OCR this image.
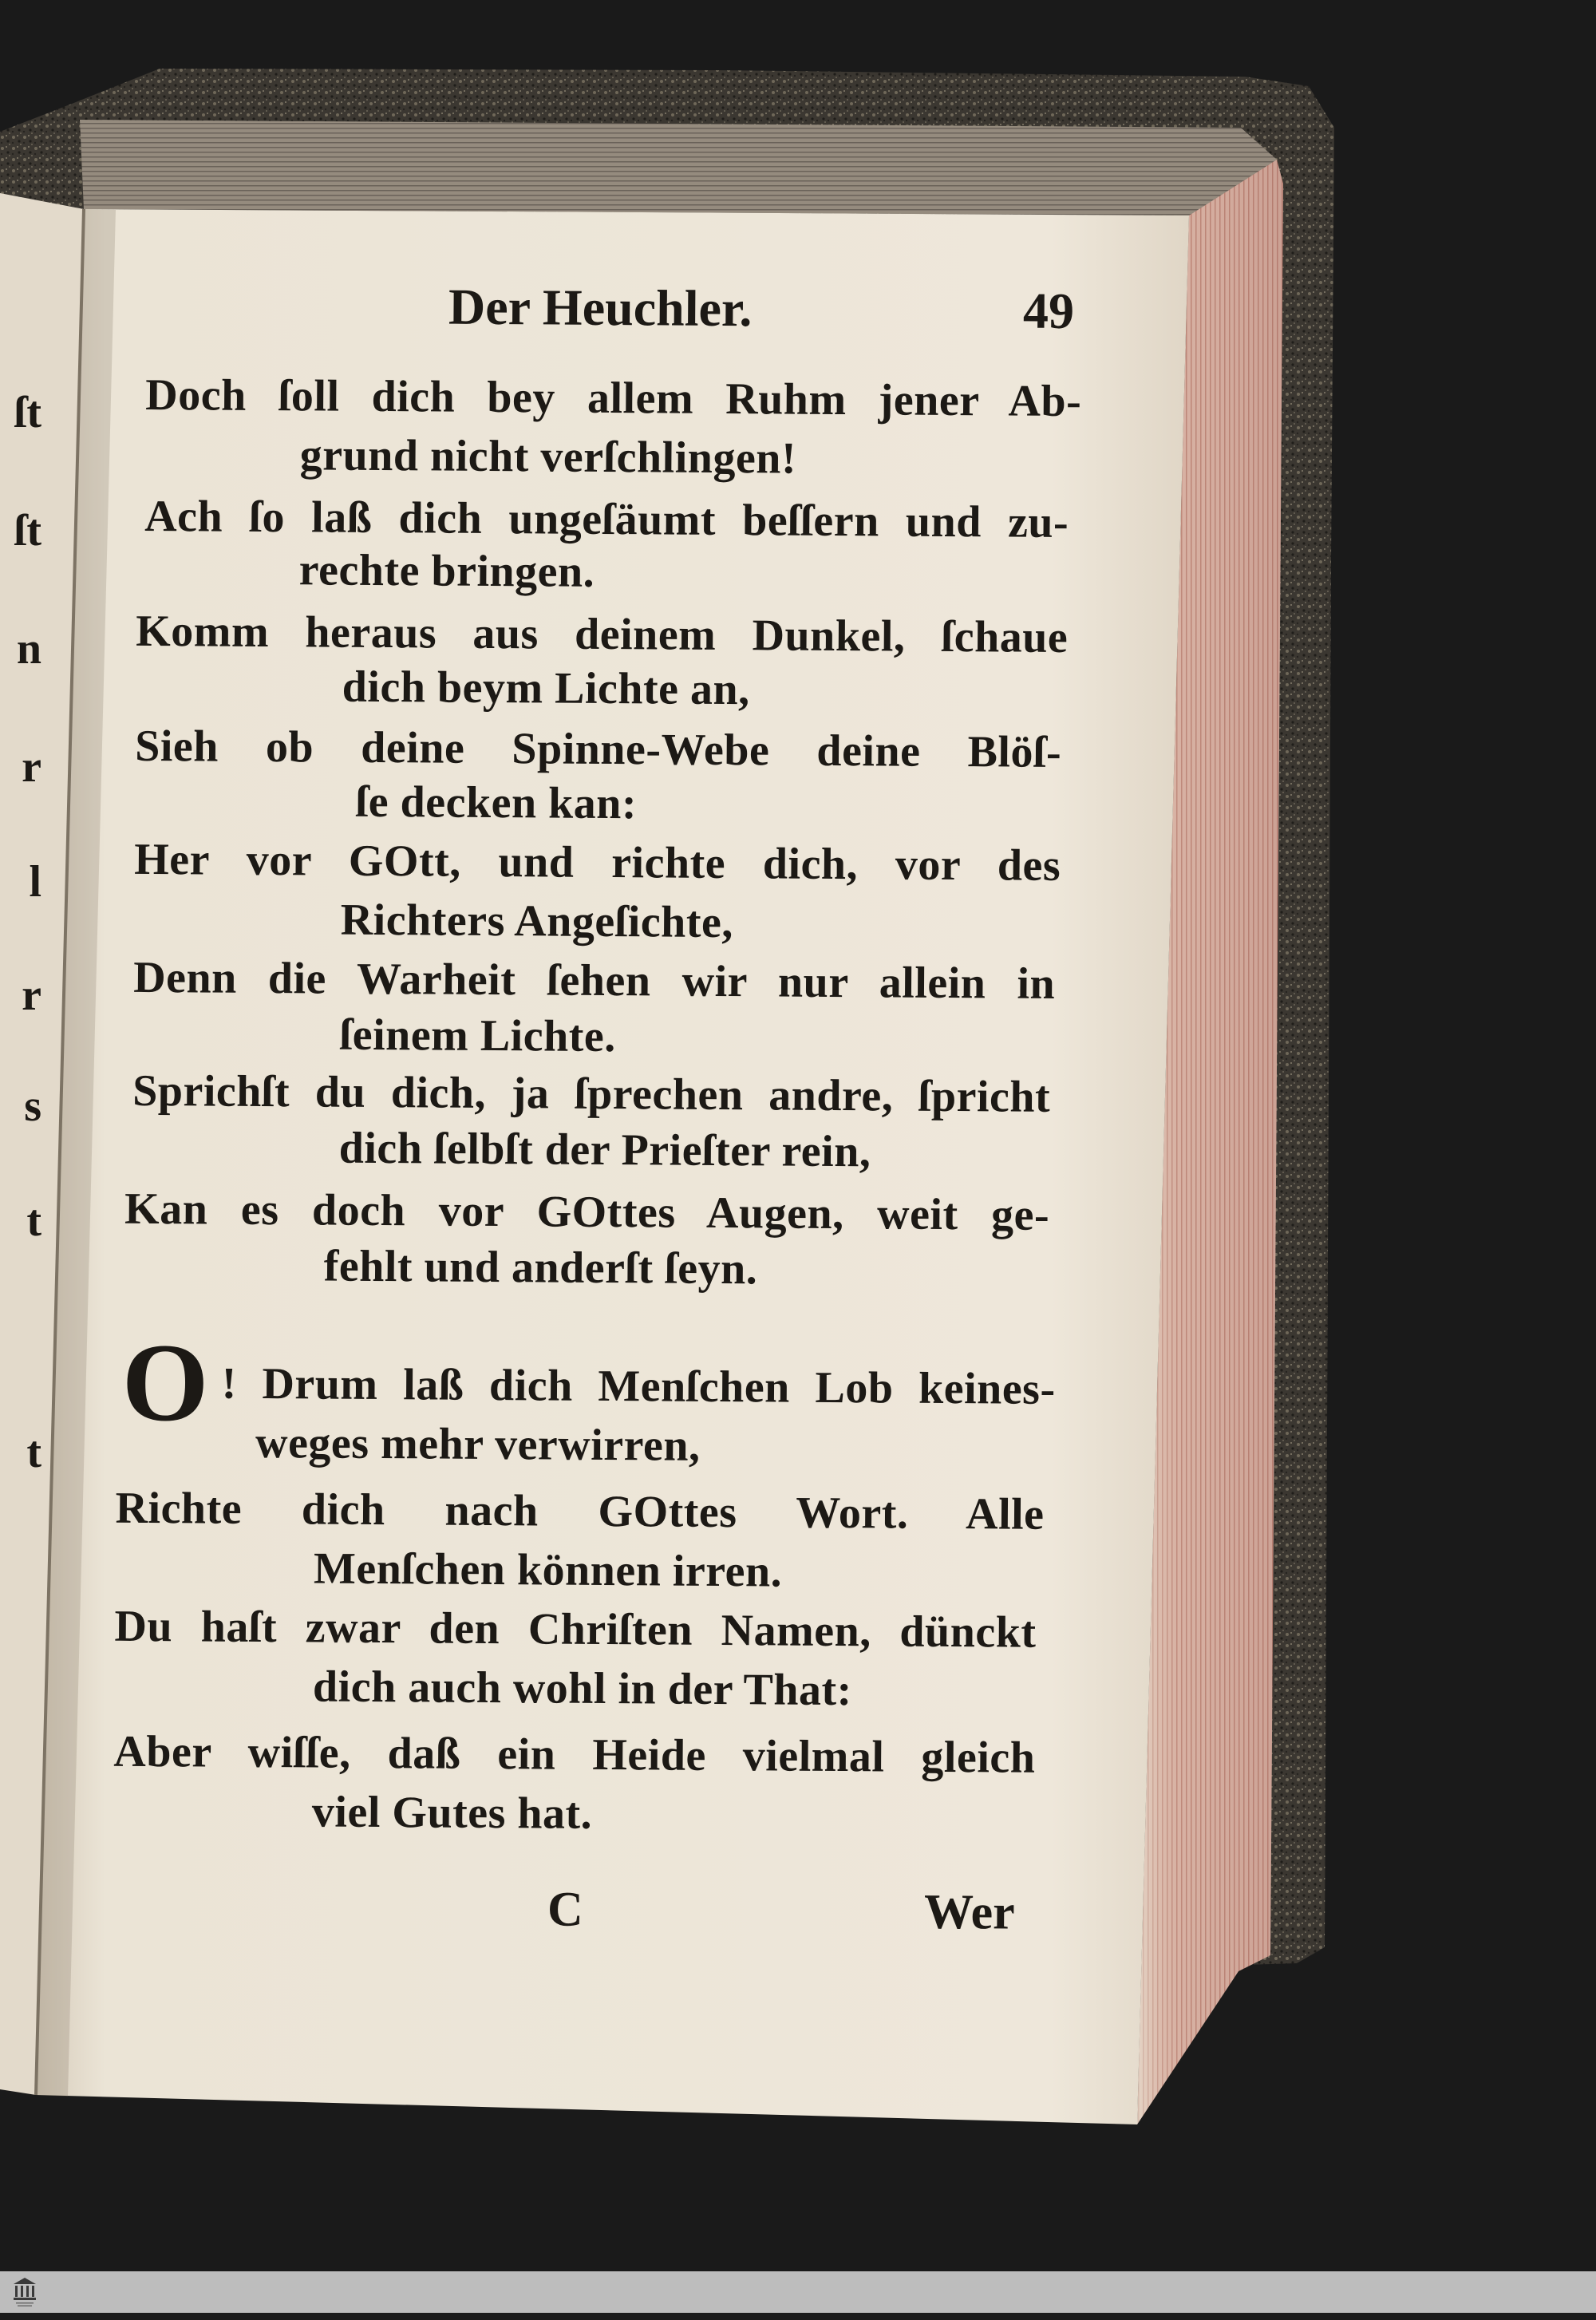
ſt
ſt
n
r
l
r
s
t
t
Der Heuchler.	49
Doch ſoll dich bey allem Ruhm jener Ab-
grund nicht verſchlingen!
Ach ſo laß dich ungeſäumt beſſern und zu-
rechte bringen.
Komm heraus aus deinem Dunkel, ſchaue
dich beym Lichte an,
Sieh ob deine Spinne-Webe deine Blöſ-
ſe decken kan:
Her vor GOtt, und richte dich, vor des
Richters Angeſichte,
Denn die Warheit ſehen wir nur allein in
ſeinem Lichte.
Sprichſt du dich, ja ſprechen andre, ſpricht
dich ſelbſt der Prieſter rein,
Kan es doch vor GOttes Augen, weit ge-
fehlt und anderſt ſeyn.
O ! Drum laß dich Menſchen Lob keines-
weges mehr verwirren,
Richte dich nach GOttes Wort. Alle
Menſchen können irren.
Du haſt zwar den Chriſten Namen, dünckt
dich auch wohl in der That:
Aber wiſſe, daß ein Heide vielmal gleich
viel Gutes hat.
C	Wer
